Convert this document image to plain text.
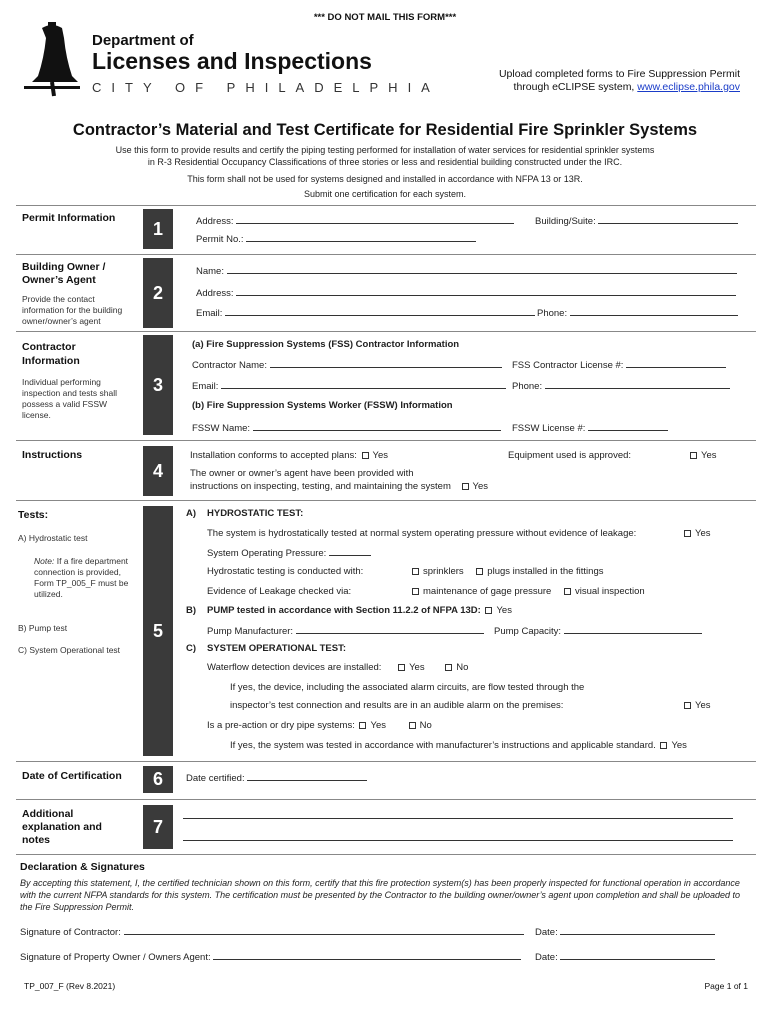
*** DO NOT MAIL THIS FORM***
Department of
Licenses and Inspections
CITY OF PHILADELPHIA
Upload completed forms to Fire Suppression Permit
through eCLIPSE system, www.eclipse.phila.gov
Contractor’s Material and Test Certificate for Residential Fire Sprinkler Systems
Use this form to provide results and certify the piping testing performed for installation of water services for residential sprinkler systems
in R-3 Residential Occupancy Classifications of three stories or less and residential building constructed under the IRC.
This form shall not be used for systems designed and installed in accordance with NFPA 13 or 13R.
Submit one certification for each system.
Permit Information
1	Address:	Building/Suite:
Permit No.:
Building Owner /
Owner’s Agent
Provide the contact information for the building owner/owner’s agent
2
Name:
Address:
Email:	Phone:
Contractor
Information
Individual performing inspection and tests shall possess a valid FSSW license.
3
(a) Fire Suppression Systems (FSS) Contractor Information
Contractor Name:	FSS Contractor License #:
Email:	Phone:
(b) Fire Suppression Systems Worker (FSSW) Information
FSSW Name:	FSSW License #:
Instructions
4
Installation conforms to accepted plans: Yes	Equipment used is approved:	Yes
The owner or owner’s agent have been provided with
instructions on inspecting, testing, and maintaining the system Yes
Tests:
A) Hydrostatic test
Note: If a fire department connection is provided, Form TP_005_F must be utilized.
B) Pump test
C) System Operational test
5
A) HYDROSTATIC TEST:
The system is hydrostatically tested at normal system operating pressure without evidence of leakage:	Yes
System Operating Pressure:
Hydrostatic testing is conducted with:	sprinklers plugs installed in the fittings
Evidence of Leakage checked via:	maintenance of gage pressure visual inspection
B) PUMP tested in accordance with Section 11.2.2 of NFPA 13D: Yes
Pump Manufacturer:	Pump Capacity:
C) SYSTEM OPERATIONAL TEST:
Waterflow detection devices are installed:	Yes	No
If yes, the device, including the associated alarm circuits, are flow tested through the
inspector’s test connection and results are in an audible alarm on the premises:	Yes
Is a pre-action or dry pipe systems: Yes	No
If yes, the system was tested in accordance with manufacturer’s instructions and applicable standard. Yes
Date of Certification	6	Date certified:
Additional
explanation and
notes
7
Declaration & Signatures
By accepting this statement, I, the certified technician shown on this form, certify that this fire protection system(s) has been properly inspected for functional operation in accordance with the current NFPA standards for this system. The certification must be presented by the Contractor to the building owner/owner’s agent upon completion and shall be uploaded to the Fire Suppression Permit.
Signature of Contractor:	Date:
Signature of Property Owner / Owners Agent:	Date:
TP_007_F (Rev 8.2021)	Page 1 of 1
